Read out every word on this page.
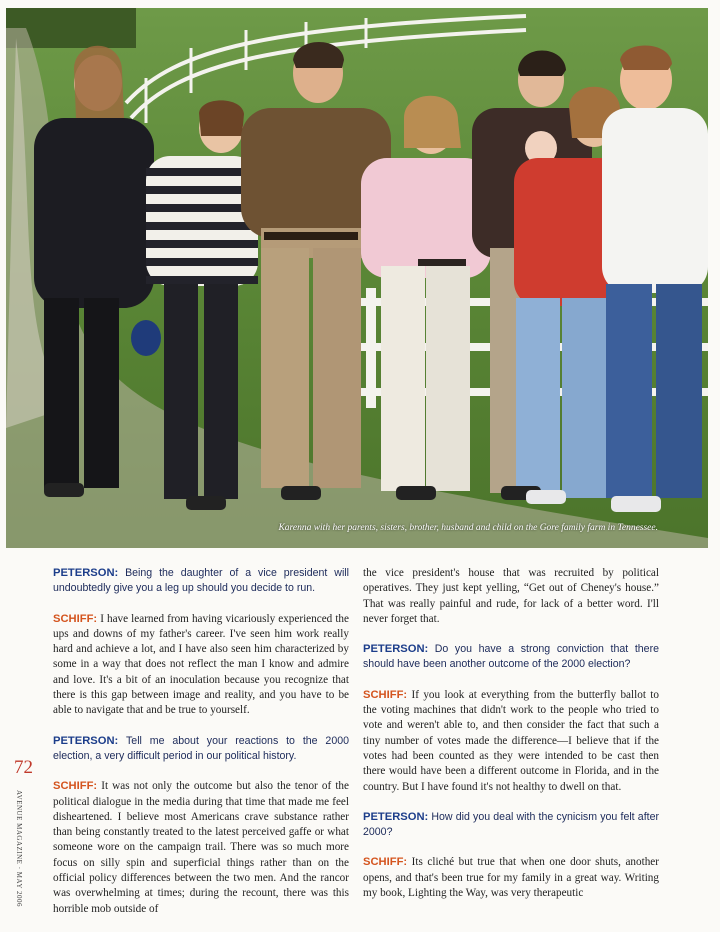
Karenna with her parents, sisters, brother, husband and child on the Gore family farm in Tennessee.

PETERSON: Being the daughter of a vice president will undoubtedly give you a leg up should you decide to run.

SCHIFF: I have learned from having vicariously experienced the ups and downs of my father's career. I've seen him work really hard and achieve a lot, and I have also seen him characterized by some in a way that does not reflect the man I know and admire and love. It's a bit of an inoculation because you recognize that there is this gap between image and reality, and you have to be able to navigate that and be true to yourself.

PETERSON: Tell me about your reactions to the 2000 election, a very difficult period in our political history.

SCHIFF: It was not only the outcome but also the tenor of the political dialogue in the media during that time that made me feel disheartened. I believe most Americans crave substance rather than being constantly treated to the latest perceived gaffe or what someone wore on the campaign trail. There was so much more focus on silly spin and superficial things rather than on the official policy differences between the two men. And the rancor was overwhelming at times; during the recount, there was this horrible mob outside of

the vice president's house that was recruited by political operatives. They just kept yelling, “Get out of Cheney's house.” That was really painful and rude, for lack of a better word. I'll never forget that.

PETERSON: Do you have a strong conviction that there should have been another outcome of the 2000 election?

SCHIFF: If you look at everything from the butterfly ballot to the voting machines that didn't work to the people who tried to vote and weren't able to, and then consider the fact that such a tiny number of votes made the difference—I believe that if the votes had been counted as they were intended to be cast then there would have been a different outcome in Florida, and in the country. But I have found it's not healthy to dwell on that.

PETERSON: How did you deal with the cynicism you felt after 2000?

SCHIFF: Its cliché but true that when one door shuts, another opens, and that's been true for my family in a great way. Writing my book, Lighting the Way, was very therapeutic

72
AVENUE MAGAZINE · MAY 2006
